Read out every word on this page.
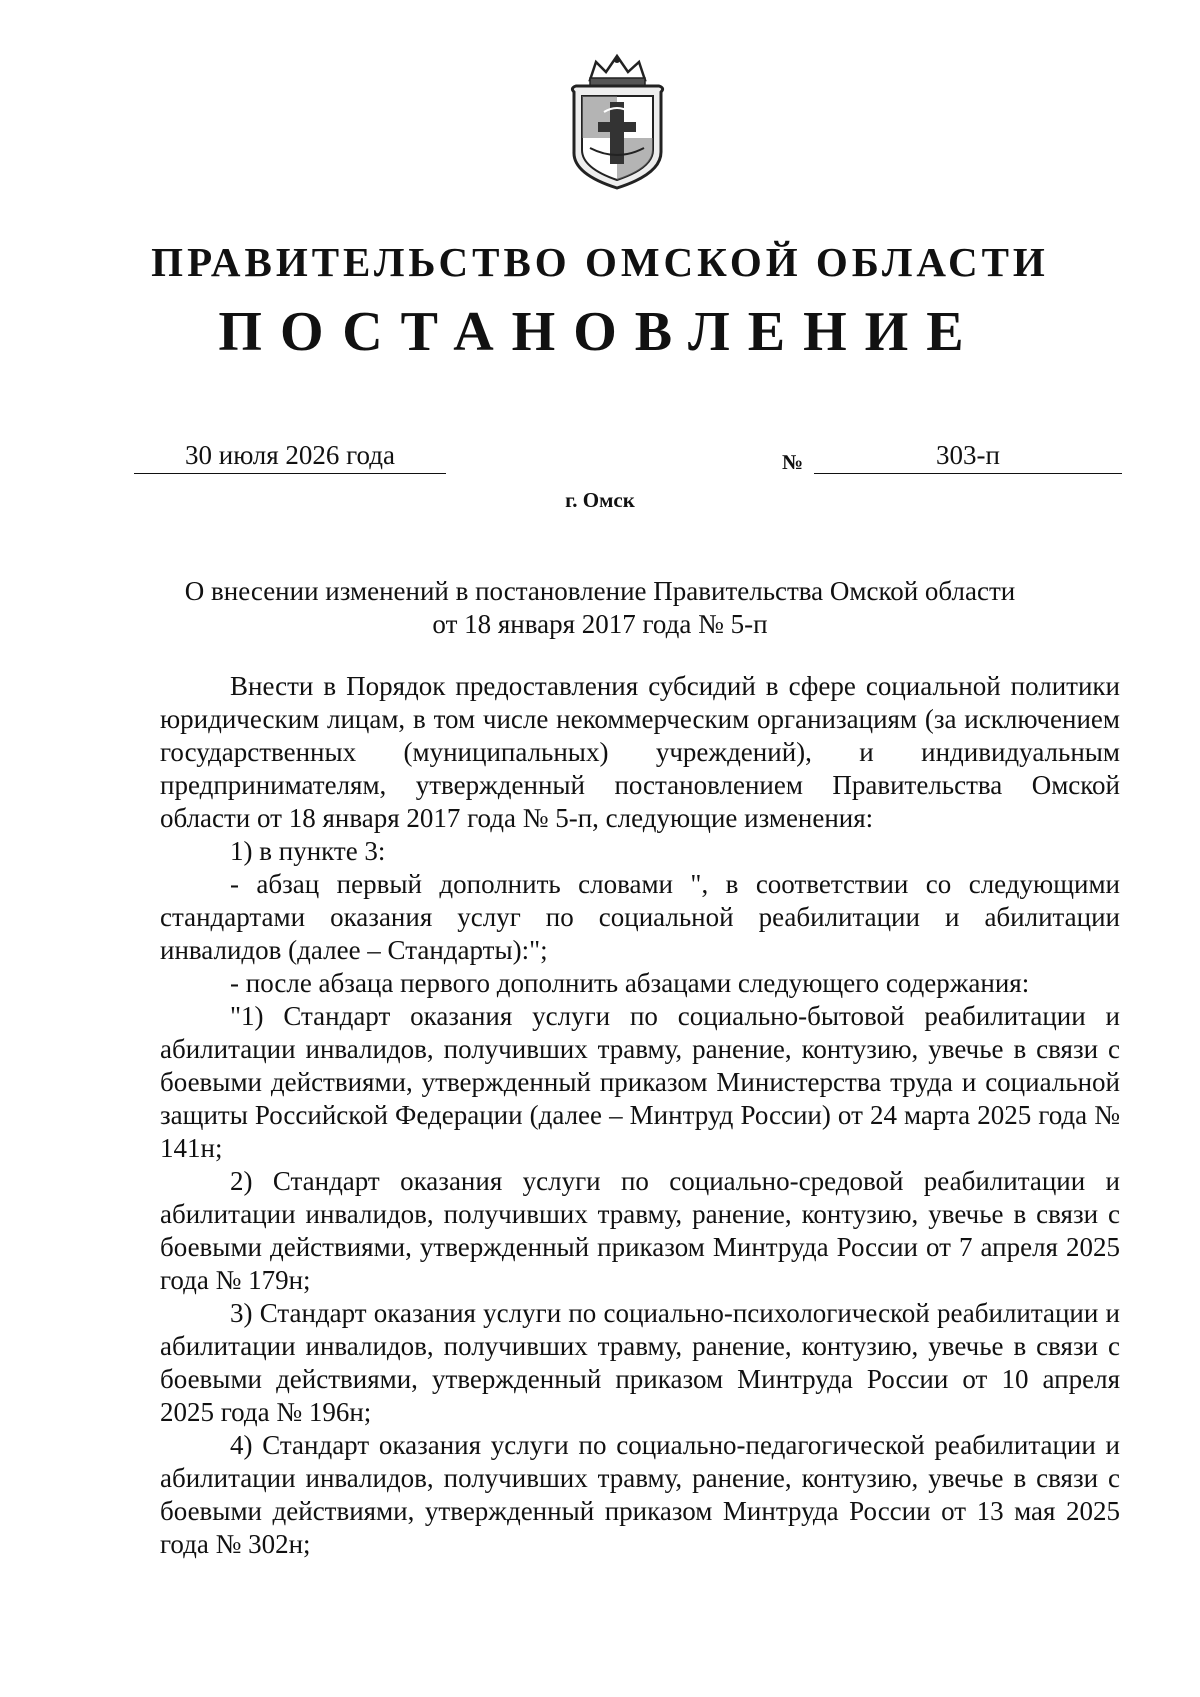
ПРАВИТЕЛЬСТВО ОМСКОЙ ОБЛАСТИ
ПОСТАНОВЛЕНИЕ
30 июля 2026 года	№	303-п
г. Омск
О внесении изменений в постановление Правительства Омской области
от 18 января 2017 года № 5-п

Внести в Порядок предоставления субсидий в сфере социальной политики юридическим лицам, в том числе некоммерческим организациям (за исключением государственных (муниципальных) учреждений), и индивидуальным предпринимателям, утвержденный постановлением Правительства Омской области от 18 января 2017 года № 5-п, следующие изменения:

1) в пункте 3:

- абзац первый дополнить словами ", в соответствии со следующими стандартами оказания услуг по социальной реабилитации и абилитации инвалидов (далее – Стандарты):";

- после абзаца первого дополнить абзацами следующего содержания:

"1) Стандарт оказания услуги по социально-бытовой реабилитации и абилитации инвалидов, получивших травму, ранение, контузию, увечье в связи с боевыми действиями, утвержденный приказом Министерства труда и социальной защиты Российской Федерации (далее – Минтруд России) от 24 марта 2025 года № 141н;

2) Стандарт оказания услуги по социально-средовой реабилитации и абилитации инвалидов, получивших травму, ранение, контузию, увечье в связи с боевыми действиями, утвержденный приказом Минтруда России от 7 апреля 2025 года № 179н;

3) Стандарт оказания услуги по социально-психологической реабилитации и абилитации инвалидов, получивших травму, ранение, контузию, увечье в связи с боевыми действиями, утвержденный приказом Минтруда России от 10 апреля 2025 года № 196н;

4) Стандарт оказания услуги по социально-педагогической реабилитации и абилитации инвалидов, получивших травму, ранение, контузию, увечье в связи с боевыми действиями, утвержденный приказом Минтруда России от 13 мая 2025 года № 302н;
